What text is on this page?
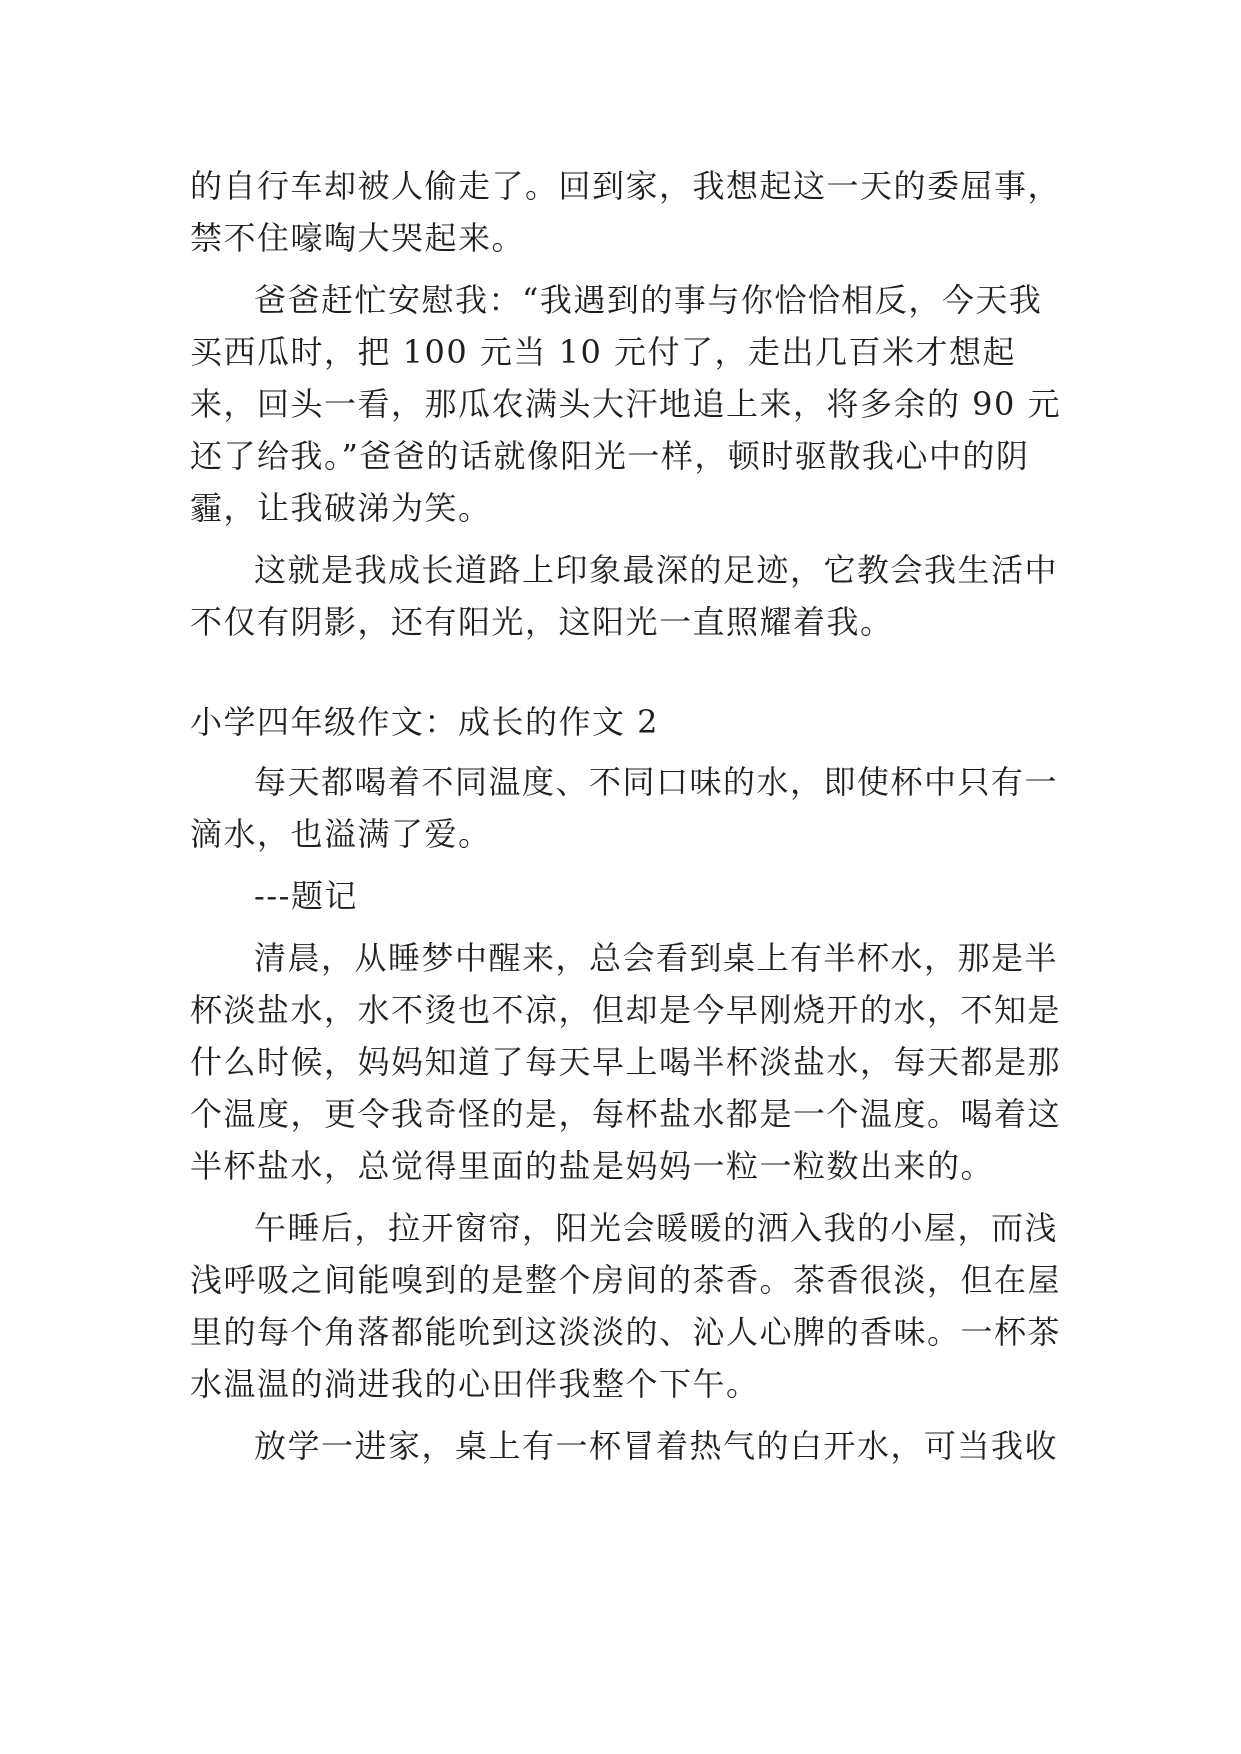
的自行车却被人偷走了。回到家，我想起这一天的委屈事，禁不住嚎啕大哭起来。

爸爸赶忙安慰我：“我遇到的事与你恰恰相反，今天我买西瓜时，把 100 元当 10 元付了，走出几百米才想起来，回头一看，那瓜农满头大汗地追上来，将多余的 90 元还了给我。”爸爸的话就像阳光一样，顿时驱散我心中的阴霾，让我破涕为笑。

这就是我成长道路上印象最深的足迹，它教会我生活中不仅有阴影，还有阳光，这阳光一直照耀着我。

小学四年级作文：成长的作文 2

每天都喝着不同温度、不同口味的水，即使杯中只有一滴水，也溢满了爱。

---题记

清晨，从睡梦中醒来，总会看到桌上有半杯水，那是半杯淡盐水，水不烫也不凉，但却是今早刚烧开的水，不知是什么时候，妈妈知道了每天早上喝半杯淡盐水，每天都是那个温度，更令我奇怪的是，每杯盐水都是一个温度。喝着这半杯盐水，总觉得里面的盐是妈妈一粒一粒数出来的。

午睡后，拉开窗帘，阳光会暖暖的洒入我的小屋，而浅浅呼吸之间能嗅到的是整个房间的茶香。茶香很淡，但在屋里的每个角落都能吮到这淡淡的、沁人心脾的香味。一杯茶水温温的淌进我的心田伴我整个下午。

放学一进家，桌上有一杯冒着热气的白开水，可当我收
